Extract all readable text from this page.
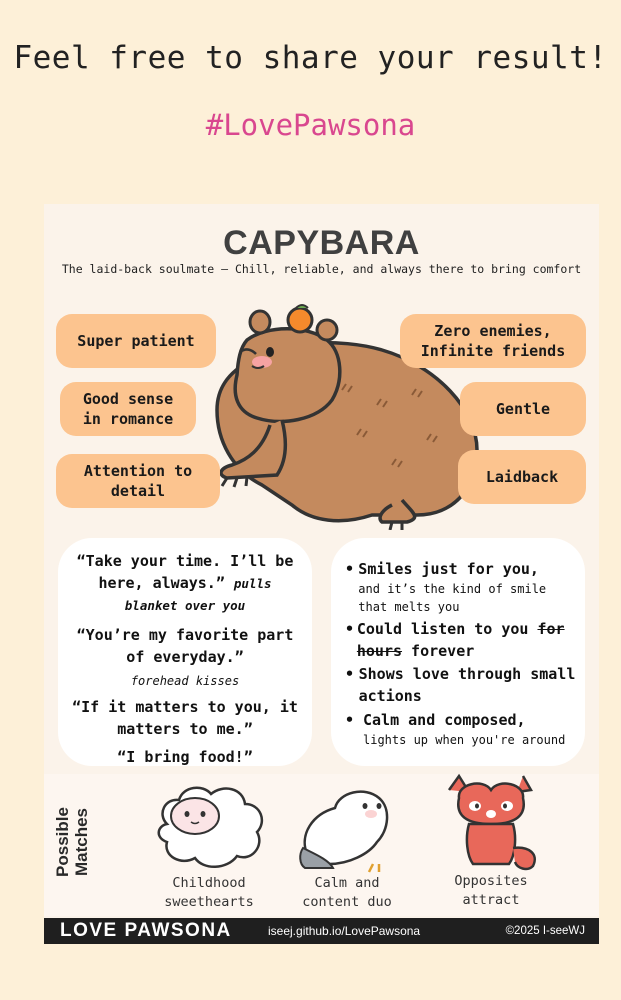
Feel free to share your result!
#LovePawsona
CAPYBARA
The laid-back soulmate – Chill, reliable, and always there to bring comfort
Super patient
Good sense
in romance
Attention to
detail
Zero enemies,
Infinite friends
Gentle
Laidback
“Take your time. I’ll be here, always.” pulls blanket over you
“You’re my favorite part of everyday.”
forehead kisses
“If it matters to you, it matters to me.”
“I bring food!”
• Smiles just for you,
and it’s the kind of smile that melts you
• Could listen to you for hours forever
• Shows love through small actions
• Calm and composed,
lights up when you're around
Possible
Matches
Childhood
sweethearts
Calm and
content duo
Opposites
attract
LOVE PAWSONA	iseej.github.io/LovePawsona	©2025 I-seeWJ
